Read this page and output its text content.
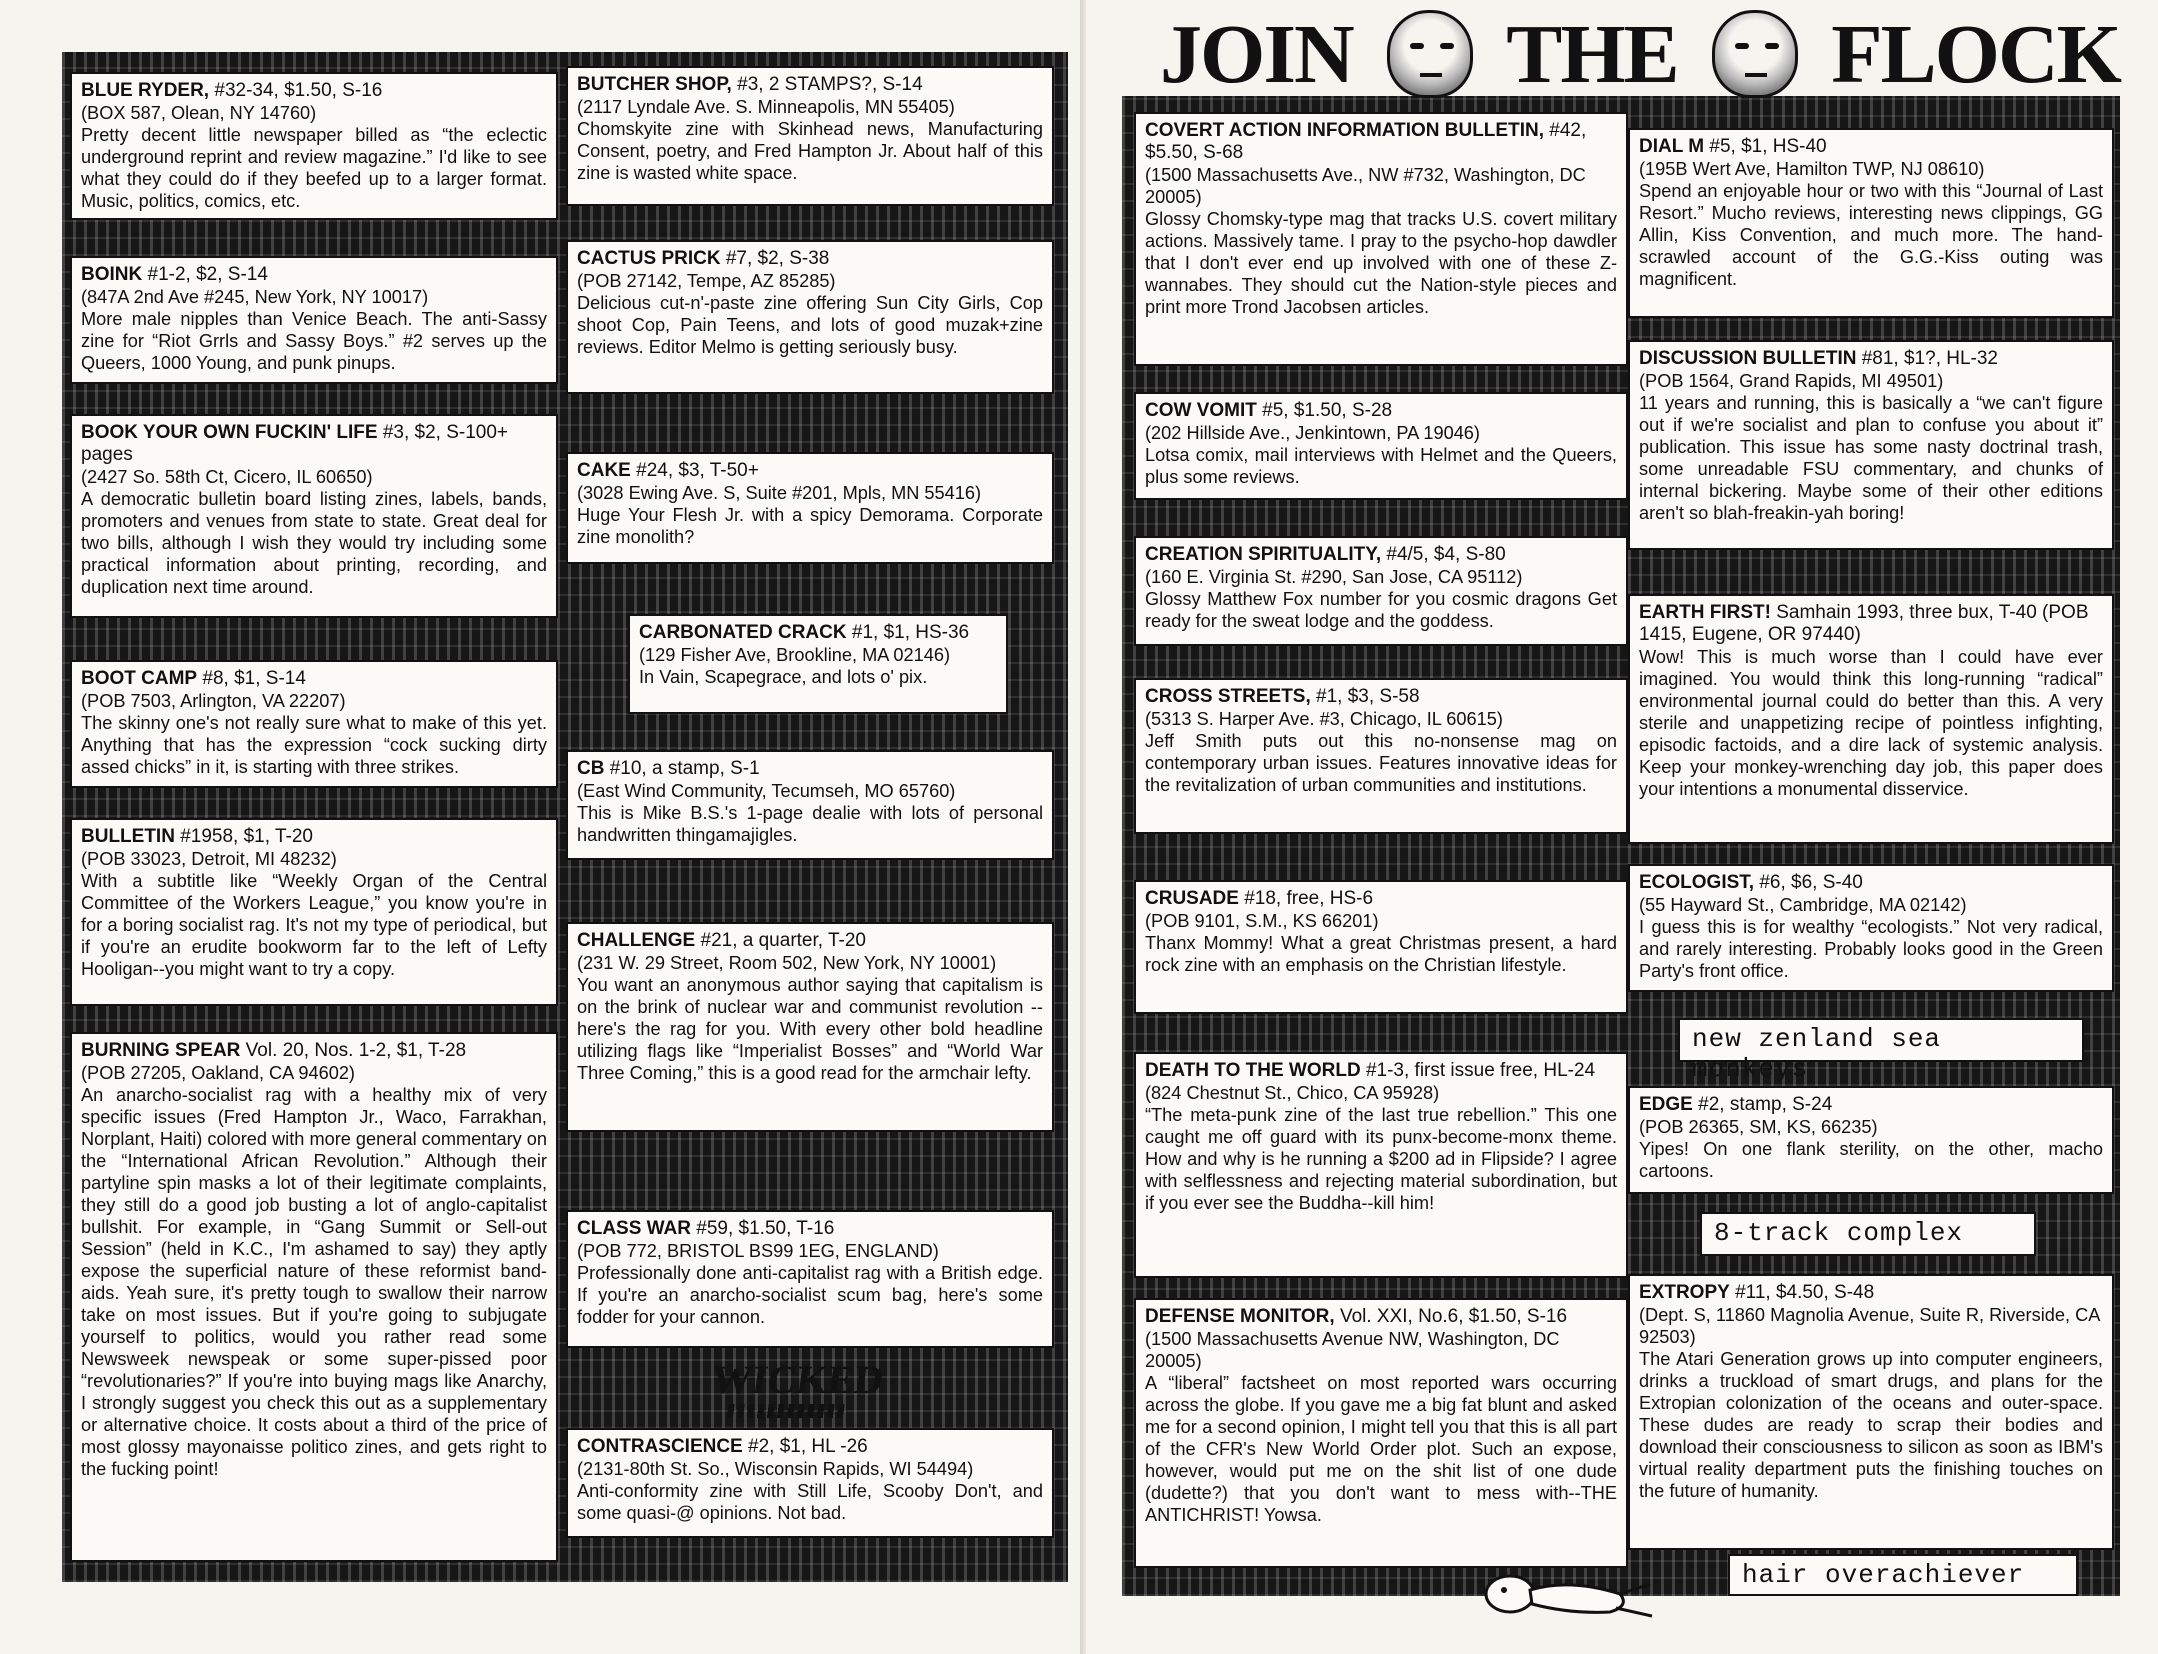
BLUE RYDER, #32-34, $1.50, S-16
(BOX 587, Olean, NY 14760)
Pretty decent little newspaper billed as “the eclectic underground reprint and review magazine.” I'd like to see what they could do if they beefed up to a larger format. Music, politics, comics, etc.
BOINK #1-2, $2, S-14
(847A 2nd Ave #245, New York, NY 10017)
More male nipples than Venice Beach. The anti-Sassy zine for “Riot Grrls and Sassy Boys.” #2 serves up the Queers, 1000 Young, and punk pinups.
BOOK YOUR OWN FUCKIN' LIFE #3, $2, S-100+ pages
(2427 So. 58th Ct, Cicero, IL 60650)
A democratic bulletin board listing zines, labels, bands, promoters and venues from state to state. Great deal for two bills, although I wish they would try including some practical information about printing, recording, and duplication next time around.
BOOT CAMP #8, $1, S-14
(POB 7503, Arlington, VA 22207)
The skinny one's not really sure what to make of this yet. Anything that has the expression “cock sucking dirty assed chicks” in it, is starting with three strikes.
BULLETIN #1958, $1, T-20
(POB 33023, Detroit, MI 48232)
With a subtitle like “Weekly Organ of the Central Committee of the Workers League,” you know you're in for a boring socialist rag. It's not my type of periodical, but if you're an erudite bookworm far to the left of Lefty Hooligan--you might want to try a copy.
BURNING SPEAR Vol. 20, Nos. 1-2, $1, T-28
(POB 27205, Oakland, CA 94602)
An anarcho-socialist rag with a healthy mix of very specific issues (Fred Hampton Jr., Waco, Farrakhan, Norplant, Haiti) colored with more general commentary on the “International African Revolution.” Although their partyline spin masks a lot of their legitimate complaints, they still do a good job busting a lot of anglo-capitalist bullshit. For example, in “Gang Summit or Sell-out Session” (held in K.C., I'm ashamed to say) they aptly expose the superficial nature of these reformist band-aids. Yeah sure, it's pretty tough to swallow their narrow take on most issues. But if you're going to subjugate yourself to politics, would you rather read some Newsweek newspeak or some super-pissed poor “revolutionaries?” If you're into buying mags like Anarchy, I strongly suggest you check this out as a supplementary or alternative choice. It costs about a third of the price of most glossy mayonaisse politico zines, and gets right to the fucking point!
BUTCHER SHOP, #3, 2 STAMPS?, S-14
(2117 Lyndale Ave. S. Minneapolis, MN 55405)
Chomskyite zine with Skinhead news, Manufacturing Consent, poetry, and Fred Hampton Jr. About half of this zine is wasted white space.
CACTUS PRICK #7, $2, S-38
(POB 27142, Tempe, AZ 85285)
Delicious cut-n'-paste zine offering Sun City Girls, Cop shoot Cop, Pain Teens, and lots of good muzak+zine reviews. Editor Melmo is getting seriously busy.
CAKE #24, $3, T-50+
(3028 Ewing Ave. S, Suite #201, Mpls, MN 55416)
Huge Your Flesh Jr. with a spicy Demorama. Corporate zine monolith?
CARBONATED CRACK #1, $1, HS-36
(129 Fisher Ave, Brookline, MA 02146)
In Vain, Scapegrace, and lots o' pix.
CB #10, a stamp, S-1
(East Wind Community, Tecumseh, MO 65760)
This is Mike B.S.'s 1-page dealie with lots of personal handwritten thingamajigles.
CHALLENGE #21, a quarter, T-20
(231 W. 29 Street, Room 502, New York, NY 10001)
You want an anonymous author saying that capitalism is on the brink of nuclear war and communist revolution --here's the rag for you. With every other bold headline utilizing flags like “Imperialist Bosses” and “World War Three Coming,” this is a good read for the armchair lefty.
CLASS WAR #59, $1.50, T-16
(POB 772, BRISTOL BS99 1EG, ENGLAND)
Professionally done anti-capitalist rag with a British edge. If you're an anarcho-socialist scum bag, here's some fodder for your cannon.
WICKED
CONTRASCIENCE #2, $1, HL -26
(2131-80th St. So., Wisconsin Rapids, WI 54494)
Anti-conformity zine with Still Life, Scooby Don't, and some quasi-@ opinions. Not bad.
JOIN THE FLOCK
COVERT ACTION INFORMATION BULLETIN, #42, $5.50, S-68
(1500 Massachusetts Ave., NW #732, Washington, DC 20005)
Glossy Chomsky-type mag that tracks U.S. covert military actions. Massively tame. I pray to the psycho-hop dawdler that I don't ever end up involved with one of these Z-wannabes. They should cut the Nation-style pieces and print more Trond Jacobsen articles.
COW VOMIT #5, $1.50, S-28
(202 Hillside Ave., Jenkintown, PA 19046)
Lotsa comix, mail interviews with Helmet and the Queers, plus some reviews.
CREATION SPIRITUALITY, #4/5, $4, S-80
(160 E. Virginia St. #290, San Jose, CA 95112)
Glossy Matthew Fox number for you cosmic dragons Get ready for the sweat lodge and the goddess.
CROSS STREETS, #1, $3, S-58
(5313 S. Harper Ave. #3, Chicago, IL 60615)
Jeff Smith puts out this no-nonsense mag on contemporary urban issues. Features innovative ideas for the revitalization of urban communities and institutions.
CRUSADE #18, free, HS-6
(POB 9101, S.M., KS 66201)
Thanx Mommy! What a great Christmas present, a hard rock zine with an emphasis on the Christian lifestyle.
DEATH TO THE WORLD #1-3, first issue free, HL-24
(824 Chestnut St., Chico, CA 95928)
“The meta-punk zine of the last true rebellion.” This one caught me off guard with its punx-become-monx theme. How and why is he running a $200 ad in Flipside? I agree with selflessness and rejecting material subordination, but if you ever see the Buddha--kill him!
DEFENSE MONITOR, Vol. XXI, No.6, $1.50, S-16
(1500 Massachusetts Avenue NW, Washington, DC 20005)
A “liberal” factsheet on most reported wars occurring across the globe. If you gave me a big fat blunt and asked me for a second opinion, I might tell you that this is all part of the CFR's New World Order plot. Such an expose, however, would put me on the shit list of one dude (dudette?) that you don't want to mess with--THE ANTICHRIST! Yowsa.
DIAL M #5, $1, HS-40
(195B Wert Ave, Hamilton TWP, NJ 08610)
Spend an enjoyable hour or two with this “Journal of Last Resort.” Mucho reviews, interesting news clippings, GG Allin, Kiss Convention, and much more. The hand-scrawled account of the G.G.-Kiss outing was magnificent.
DISCUSSION BULLETIN #81, $1?, HL-32
(POB 1564, Grand Rapids, MI 49501)
11 years and running, this is basically a “we can't figure out if we're socialist and plan to confuse you about it” publication. This issue has some nasty doctrinal trash, some unreadable FSU commentary, and chunks of internal bickering. Maybe some of their other editions aren't so blah-freakin-yah boring!
EARTH FIRST! Samhain 1993, three bux, T-40 (POB 1415, Eugene, OR 97440)
Wow! This is much worse than I could have ever imagined. You would think this long-running “radical” environmental journal could do better than this. A very sterile and unappetizing recipe of pointless infighting, episodic factoids, and a dire lack of systemic analysis. Keep your monkey-wrenching day job, this paper does your intentions a monumental disservice.
ECOLOGIST, #6, $6, S-40
(55 Hayward St., Cambridge, MA 02142)
I guess this is for wealthy “ecologists.” Not very radical, and rarely interesting. Probably looks good in the Green Party's front office.
new zenland sea monkeys
EDGE #2, stamp, S-24
(POB 26365, SM, KS, 66235)
Yipes! On one flank sterility, on the other, macho cartoons.
8-track complex
EXTROPY #11, $4.50, S-48
(Dept. S, 11860 Magnolia Avenue, Suite R, Riverside, CA 92503)
The Atari Generation grows up into computer engineers, drinks a truckload of smart drugs, and plans for the Extropian colonization of the oceans and outer-space. These dudes are ready to scrap their bodies and download their consciousness to silicon as soon as IBM's virtual reality department puts the finishing touches on the future of humanity.
hair overachiever
